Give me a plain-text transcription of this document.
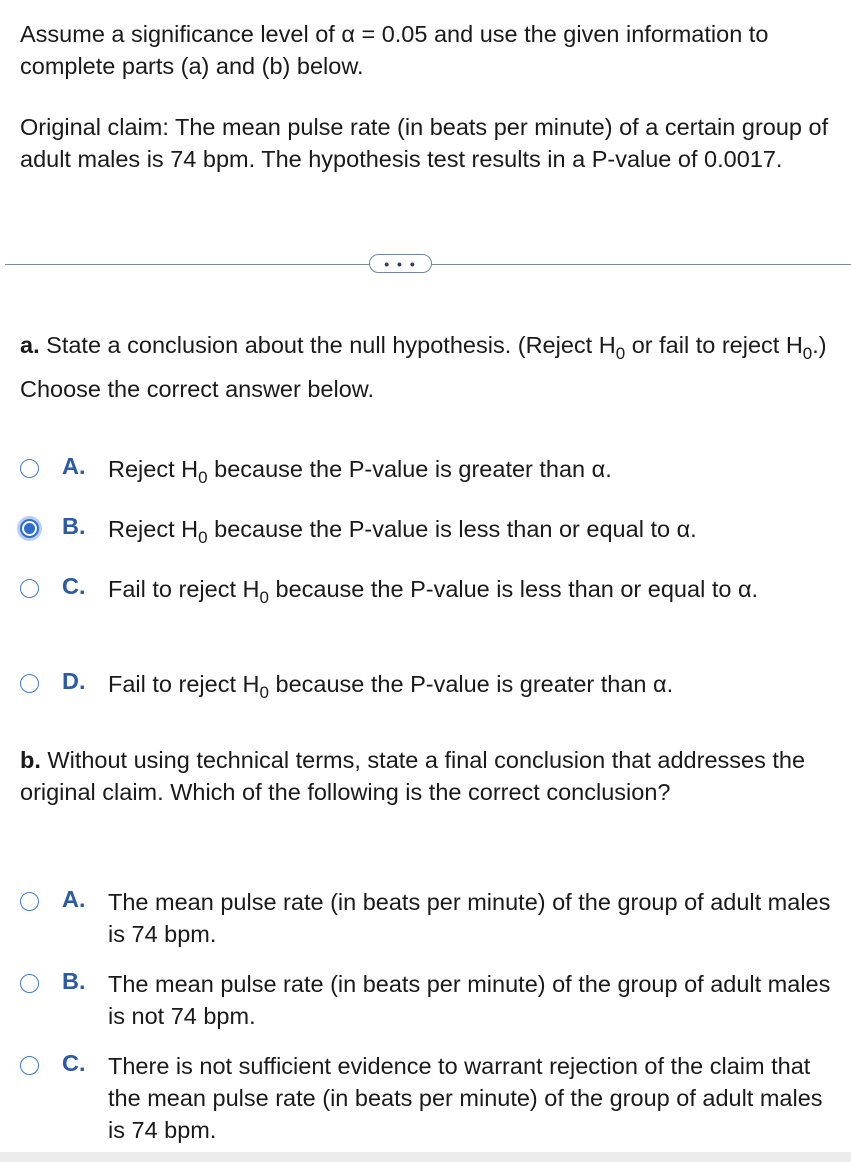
Assume a significance level of α = 0.05 and use the given information to complete parts (a) and (b) below.
Original claim: The mean pulse rate (in beats per minute) of a certain group of adult males is 74 bpm. The hypothesis test results in a P-value of 0.0017.
• • •
a. State a conclusion about the null hypothesis. (Reject $H_0$ or fail to reject $H_0$.) Choose the correct answer below.
A. Reject $H_0$ because the P-value is greater than α.
B. Reject $H_0$ because the P-value is less than or equal to α.
C. Fail to reject $H_0$ because the P-value is less than or equal to α.
D. Fail to reject $H_0$ because the P-value is greater than α.
b. Without using technical terms, state a final conclusion that addresses the original claim. Which of the following is the correct conclusion?
A. The mean pulse rate (in beats per minute) of the group of adult males is 74 bpm.
B. The mean pulse rate (in beats per minute) of the group of adult males is not 74 bpm.
C. There is not sufficient evidence to warrant rejection of the claim that the mean pulse rate (in beats per minute) of the group of adult males is 74 bpm.
